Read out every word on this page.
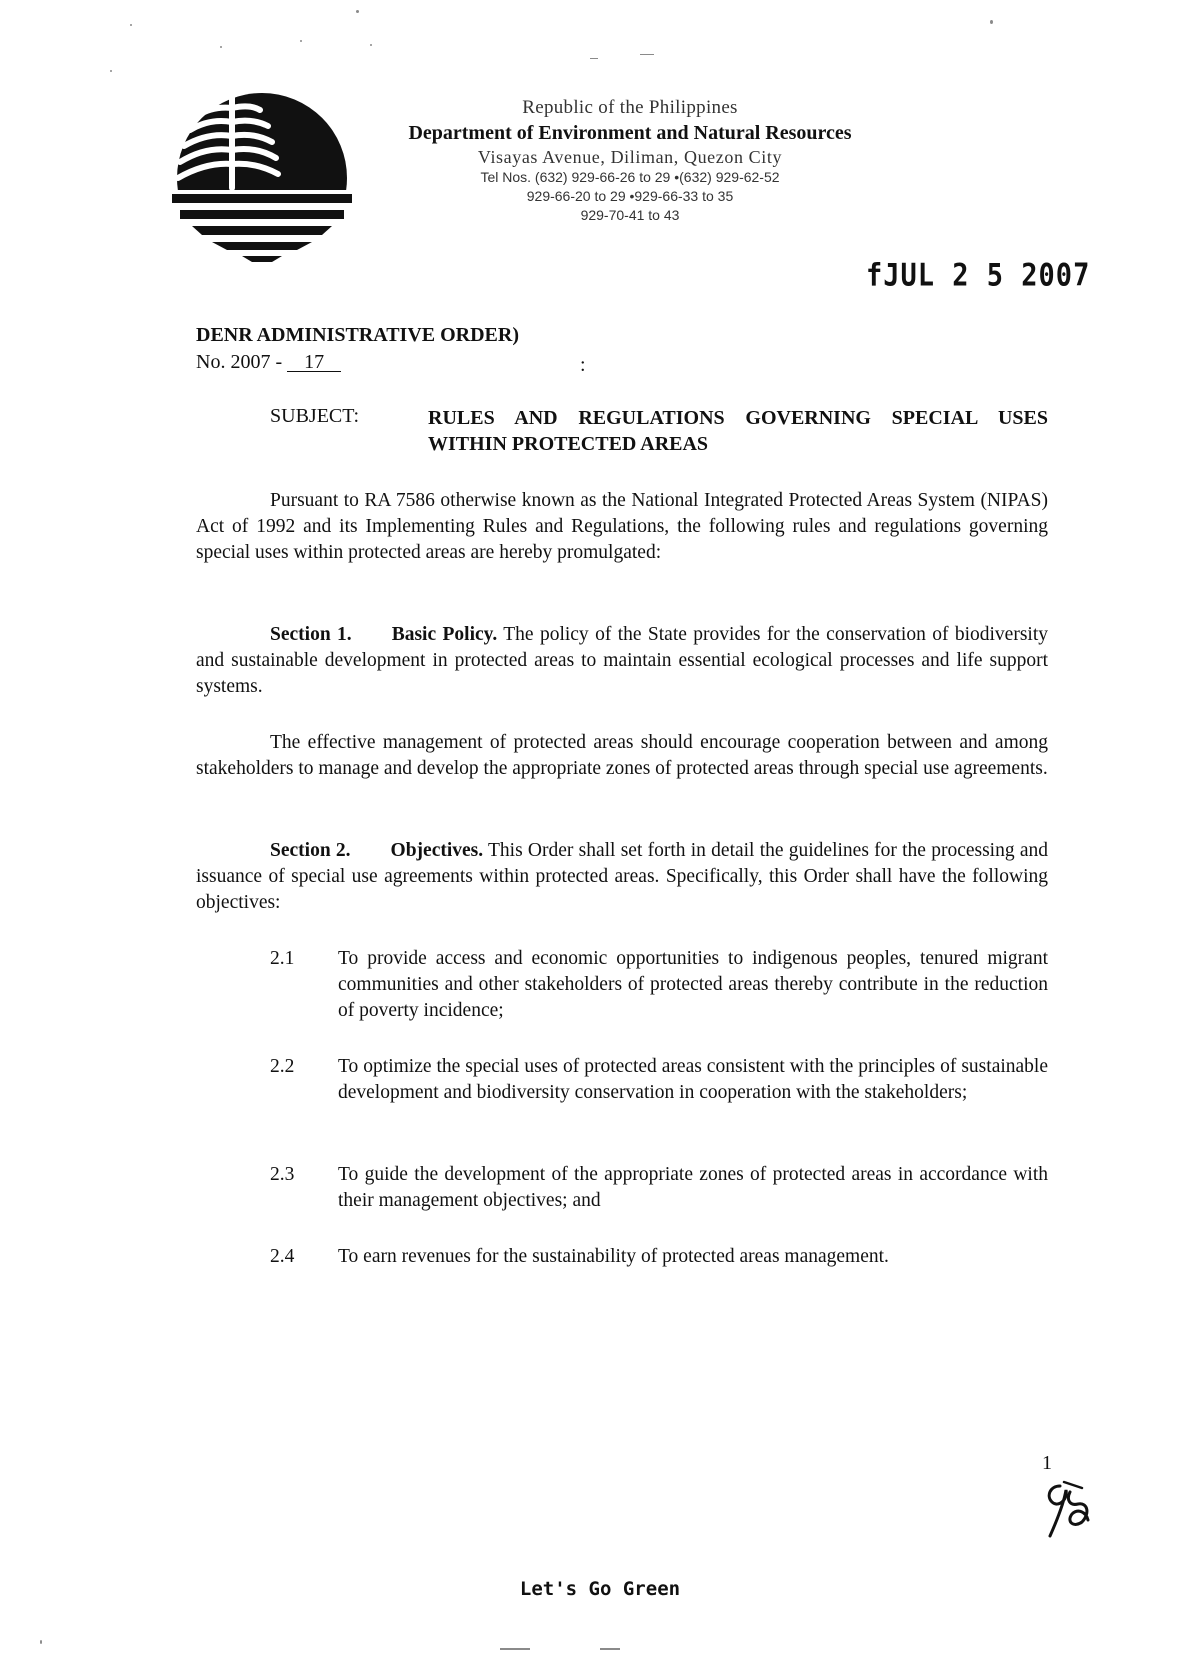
Republic of the Philippines
Department of Environment and Natural Resources
Visayas Avenue, Diliman, Quezon City
Tel Nos. (632) 929-66-26 to 29 •(632) 929-62-52
929-66-20 to 29 •929-66-33 to 35
929-70-41 to 43
fJUL 2 5 2007
DENR ADMINISTRATIVE ORDER)
No. 2007 - 17	:
SUBJECT:	RULES AND REGULATIONS GOVERNING SPECIAL USES WITHIN PROTECTED AREAS
Pursuant to RA 7586 otherwise known as the National Integrated Protected Areas System (NIPAS) Act of 1992 and its Implementing Rules and Regulations, the following rules and regulations governing special uses within protected areas are hereby promulgated:
Section 1. Basic Policy. The policy of the State provides for the conservation of biodiversity and sustainable development in protected areas to maintain essential ecological processes and life support systems.
The effective management of protected areas should encourage cooperation between and among stakeholders to manage and develop the appropriate zones of protected areas through special use agreements.
Section 2. Objectives. This Order shall set forth in detail the guidelines for the processing and issuance of special use agreements within protected areas. Specifically, this Order shall have the following objectives:
2.1 To provide access and economic opportunities to indigenous peoples, tenured migrant communities and other stakeholders of protected areas thereby contribute in the reduction of poverty incidence;
2.2 To optimize the special uses of protected areas consistent with the principles of sustainable development and biodiversity conservation in cooperation with the stakeholders;
2.3 To guide the development of the appropriate zones of protected areas in accordance with their management objectives; and
2.4 To earn revenues for the sustainability of protected areas management.
1
Let's Go Green
